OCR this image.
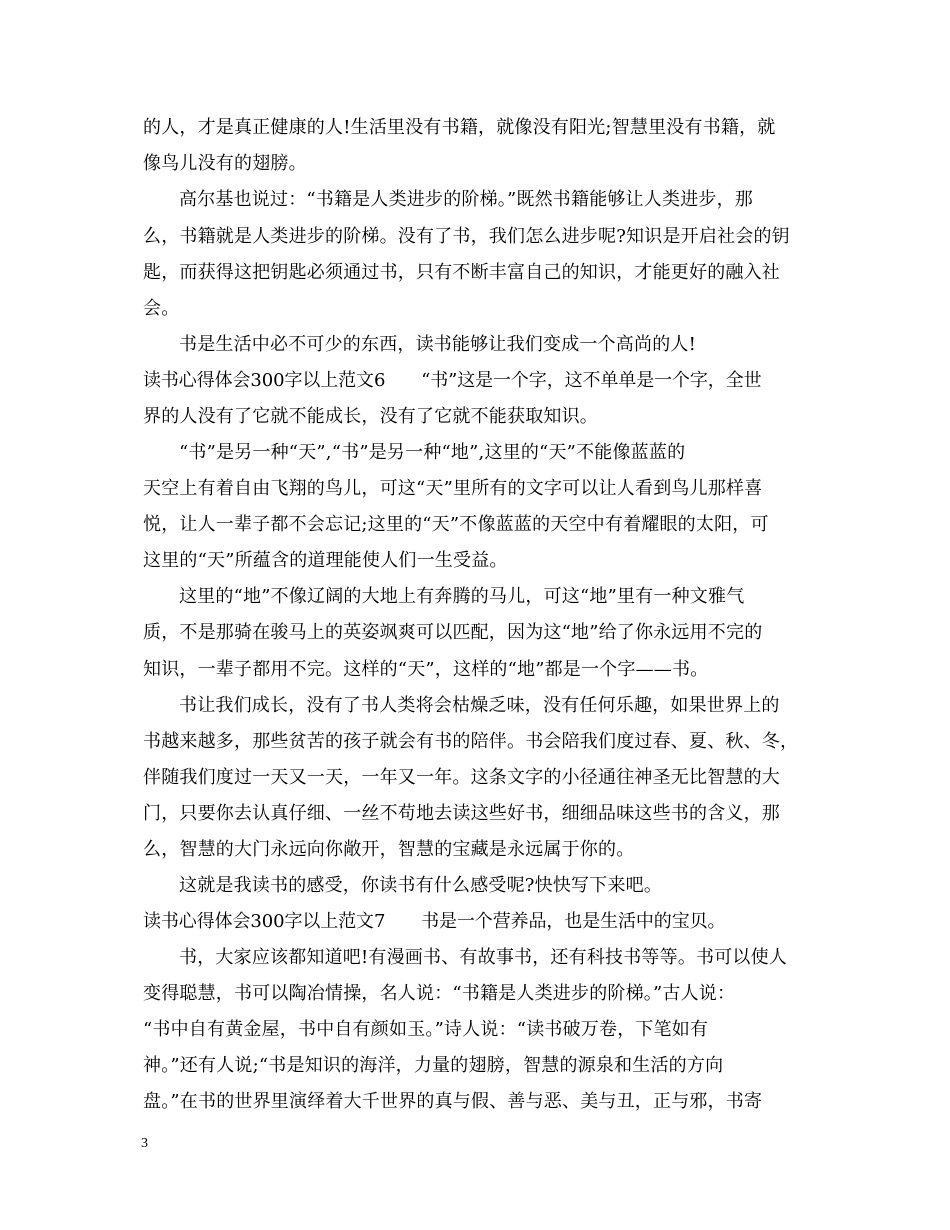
的人，才是真正健康的人!生活里没有书籍，就像没有阳光;智慧里没有书籍，就
像鸟儿没有的翅膀。
高尔基也说过：“书籍是人类进步的阶梯。”既然书籍能够让人类进步，那
么，书籍就是人类进步的阶梯。没有了书，我们怎么进步呢?知识是开启社会的钥
匙，而获得这把钥匙必须通过书，只有不断丰富自己的知识，才能更好的融入社
会。
书是生活中必不可少的东西，读书能够让我们变成一个高尚的人!
读书心得体会300字以上范文6　　“书”这是一个字，这不单单是一个字，全世
界的人没有了它就不能成长，没有了它就不能获取知识。
“书”是另一种“天”,“书”是另一种“地”,这里的“天”不能像蓝蓝的
天空上有着自由飞翔的鸟儿，可这“天”里所有的文字可以让人看到鸟儿那样喜
悦，让人一辈子都不会忘记;这里的“天”不像蓝蓝的天空中有着耀眼的太阳，可
这里的“天”所蕴含的道理能使人们一生受益。
这里的“地”不像辽阔的大地上有奔腾的马儿，可这“地”里有一种文雅气
质，不是那骑在骏马上的英姿飒爽可以匹配，因为这“地”给了你永远用不完的
知识，一辈子都用不完。这样的“天”，这样的“地”都是一个字——书。
书让我们成长，没有了书人类将会枯燥乏味，没有任何乐趣，如果世界上的
书越来越多，那些贫苦的孩子就会有书的陪伴。书会陪我们度过春、夏、秋、冬，
伴随我们度过一天又一天，一年又一年。这条文字的小径通往神圣无比智慧的大
门，只要你去认真仔细、一丝不苟地去读这些好书，细细品味这些书的含义，那
么，智慧的大门永远向你敞开，智慧的宝藏是永远属于你的。
这就是我读书的感受，你读书有什么感受呢?快快写下来吧。
读书心得体会300字以上范文7　　书是一个营养品，也是生活中的宝贝。
书，大家应该都知道吧!有漫画书、有故事书，还有科技书等等。书可以使人
变得聪慧，书可以陶冶情操，名人说：“书籍是人类进步的阶梯。”古人说：
“书中自有黄金屋，书中自有颜如玉。”诗人说：“读书破万卷，下笔如有
神。”还有人说;“书是知识的海洋，力量的翅膀，智慧的源泉和生活的方向
盘。”在书的世界里演绎着大千世界的真与假、善与恶、美与丑，正与邪，书寄
3
